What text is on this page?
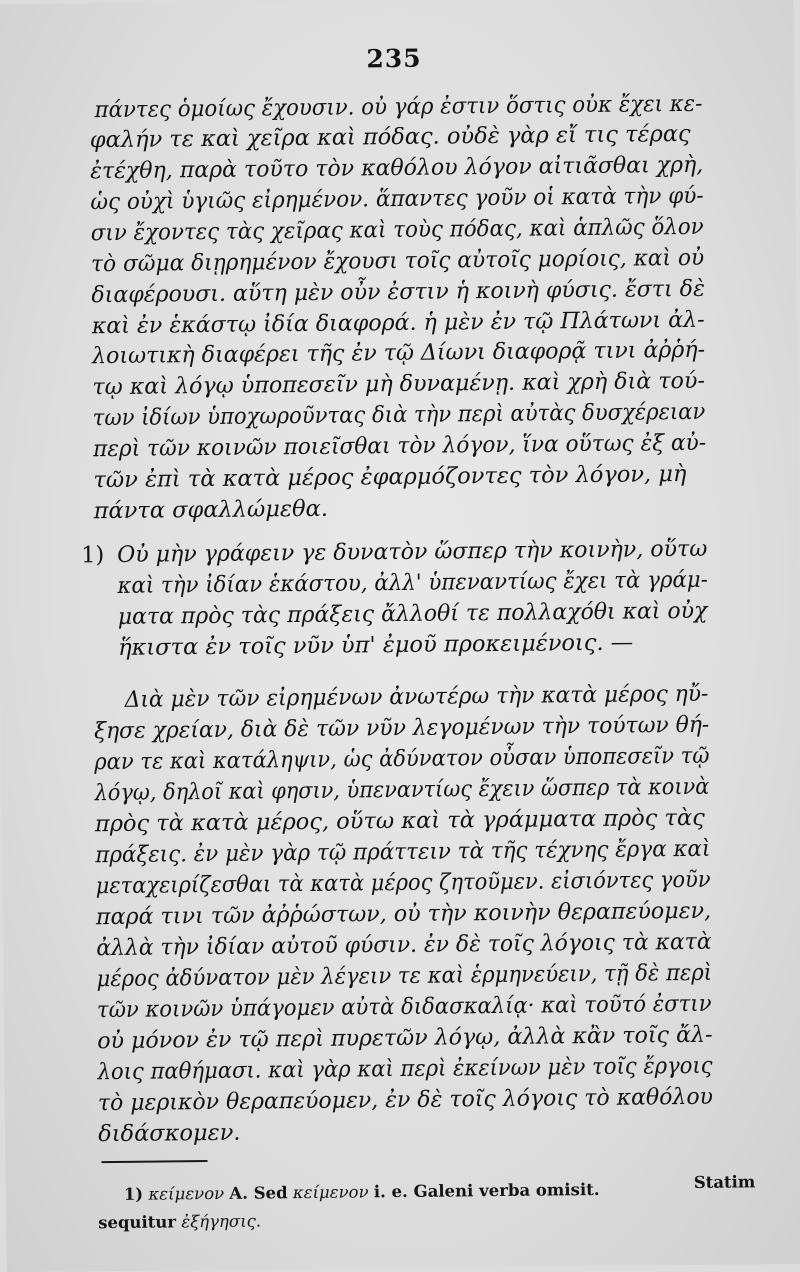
235
πάντες ὁμοίως ἔχουσιν. οὐ γάρ ἐστιν ὅστις οὐκ ἔχει κε-
φαλήν τε καὶ χεῖρα καὶ πόδας. οὐδὲ γὰρ εἴ τις τέρας
ἐτέχθη, παρὰ τοῦτο τὸν καθόλου λόγον αἰτιᾶσθαι χρὴ,
ὡς οὐχὶ ὑγιῶς εἰρημένον. ἅπαντες γοῦν οἱ κατὰ τὴν φύ-
σιν ἔχοντες τὰς χεῖρας καὶ τοὺς πόδας, καὶ ἁπλῶς ὅλον
τὸ σῶμα διῃρημένον ἔχουσι τοῖς αὐτοῖς μορίοις, καὶ οὐ
διαφέρουσι. αὕτη μὲν οὖν ἐστιν ἡ κοινὴ φύσις. ἔστι δὲ
καὶ ἐν ἑκάστῳ ἰδία διαφορά. ἡ μὲν ἐν τῷ Πλάτωνι ἀλ-
λοιωτικὴ διαφέρει τῆς ἐν τῷ Δίωνι διαφορᾷ τινι ἀῤῥή-
τῳ καὶ λόγῳ ὑποπεσεῖν μὴ δυναμένῃ. καὶ χρὴ διὰ τού-
των ἰδίων ὑποχωροῦντας διὰ τὴν περὶ αὐτὰς δυσχέρειαν
περὶ τῶν κοινῶν ποιεῖσθαι τὸν λόγον, ἵνα οὕτως ἐξ αὐ-
τῶν ἐπὶ τὰ κατὰ μέρος ἐφαρμόζοντες τὸν λόγον, μὴ
πάντα σφαλλώμεθα.
1) Οὐ μὴν γράφειν γε δυνατὸν ὥσπερ τὴν κοινὴν, οὕτω
καὶ τὴν ἰδίαν ἑκάστου, ἀλλ' ὑπεναντίως ἔχει τὰ γράμ-
ματα πρὸς τὰς πράξεις ἄλλοθί τε πολλαχόθι καὶ οὐχ
ἥκιστα ἐν τοῖς νῦν ὑπ' ἐμοῦ προκειμένοις. —
Διὰ μὲν τῶν εἰρημένων ἀνωτέρω τὴν κατὰ μέρος ηὔ-
ξησε χρείαν, διὰ δὲ τῶν νῦν λεγομένων τὴν τούτων θή-
ραν τε καὶ κατάληψιν, ὡς ἀδύνατον οὖσαν ὑποπεσεῖν τῷ
λόγῳ, δηλοῖ καὶ φησιν, ὑπεναντίως ἔχειν ὥσπερ τὰ κοινὰ
πρὸς τὰ κατὰ μέρος, οὕτω καὶ τὰ γράμματα πρὸς τὰς
πράξεις. ἐν μὲν γὰρ τῷ πράττειν τὰ τῆς τέχνης ἔργα καὶ
μεταχειρίζεσθαι τὰ κατὰ μέρος ζητοῦμεν. εἰσιόντες γοῦν
παρά τινι τῶν ἀῤῥώστων, οὐ τὴν κοινὴν θεραπεύομεν,
ἀλλὰ τὴν ἰδίαν αὐτοῦ φύσιν. ἐν δὲ τοῖς λόγοις τὰ κατὰ
μέρος ἀδύνατον μὲν λέγειν τε καὶ ἑρμηνεύειν, τῇ δὲ περὶ
τῶν κοινῶν ὑπάγομεν αὐτὰ διδασκαλίᾳ· καὶ τοῦτό ἐστιν
οὐ μόνον ἐν τῷ περὶ πυρετῶν λόγῳ, ἀλλὰ κἂν τοῖς ἄλ-
λοις παθήμασι. καὶ γὰρ καὶ περὶ ἐκείνων μὲν τοῖς ἔργοις
τὸ μερικὸν θεραπεύομεν, ἐν δὲ τοῖς λόγοις τὸ καθόλου
διδάσκομεν.
1) κείμενον A. Sed κείμενον i. e. Galeni verba omisit.	Statim
sequitur ἐξήγησις.
